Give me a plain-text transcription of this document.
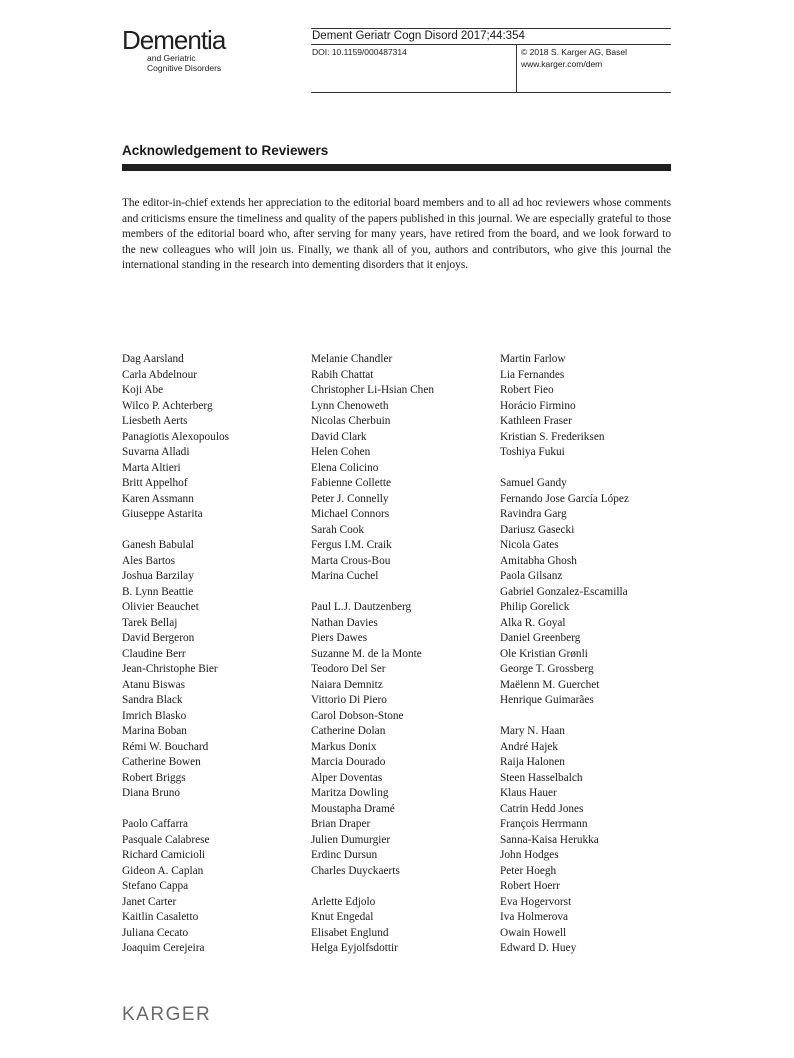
Dementia
and Geriatric
Cognitive Disorders
Dement Geriatr Cogn Disord 2017;44:354
DOI: 10.1159/000487314	© 2018 S. Karger AG, Basel
www.karger.com/dem
Acknowledgement to Reviewers
The editor-in-chief extends her appreciation to the editorial board members and to all ad hoc reviewers whose comments and criticisms ensure the timeliness and quality of the papers published in this journal. We are especially grateful to those members of the editorial board who, after serving for many years, have retired from the board, and we look forward to the new colleagues who will join us. Finally, we thank all of you, authors and contributors, who give this journal the international standing in the research into dementing disorders that it enjoys.
Dag Aarsland
Carla Abdelnour
Koji Abe
Wilco P. Achterberg
Liesbeth Aerts
Panagiotis Alexopoulos
Suvarna Alladi
Marta Altieri
Britt Appelhof
Karen Assmann
Giuseppe Astarita
Ganesh Babulal
Ales Bartos
Joshua Barzilay
B. Lynn Beattie
Olivier Beauchet
Tarek Bellaj
David Bergeron
Claudine Berr
Jean-Christophe Bier
Atanu Biswas
Sandra Black
Imrich Blasko
Marina Boban
Rémi W. Bouchard
Catherine Bowen
Robert Briggs
Diana Bruno
Paolo Caffarra
Pasquale Calabrese
Richard Camicioli
Gideon A. Caplan
Stefano Cappa
Janet Carter
Kaitlin Casaletto
Juliana Cecato
Joaquim Cerejeira
Melanie Chandler
Rabih Chattat
Christopher Li-Hsian Chen
Lynn Chenoweth
Nicolas Cherbuin
David Clark
Helen Cohen
Elena Colicino
Fabienne Collette
Peter J. Connelly
Michael Connors
Sarah Cook
Fergus I.M. Craik
Marta Crous-Bou
Marina Cuchel
Paul L.J. Dautzenberg
Nathan Davies
Piers Dawes
Suzanne M. de la Monte
Teodoro Del Ser
Naiara Demnitz
Vittorio Di Piero
Carol Dobson-Stone
Catherine Dolan
Markus Donix
Marcia Dourado
Alper Doventas
Maritza Dowling
Moustapha Dramé
Brian Draper
Julien Dumurgier
Erdinc Dursun
Charles Duyckaerts
Arlette Edjolo
Knut Engedal
Elisabet Englund
Helga Eyjolfsdottir
Martin Farlow
Lia Fernandes
Robert Fieo
Horácio Firmino
Kathleen Fraser
Kristian S. Frederiksen
Toshiya Fukui
Samuel Gandy
Fernando Jose García López
Ravindra Garg
Dariusz Gasecki
Nicola Gates
Amitabha Ghosh
Paola Gilsanz
Gabriel Gonzalez-Escamilla
Philip Gorelick
Alka R. Goyal
Daniel Greenberg
Ole Kristian Grønli
George T. Grossberg
Maëlenn M. Guerchet
Henrique Guimarães
Mary N. Haan
André Hajek
Raija Halonen
Steen Hasselbalch
Klaus Hauer
Catrin Hedd Jones
François Herrmann
Sanna-Kaisa Herukka
John Hodges
Peter Hoegh
Robert Hoerr
Eva Hogervorst
Iva Holmerova
Owain Howell
Edward D. Huey
KARGER
